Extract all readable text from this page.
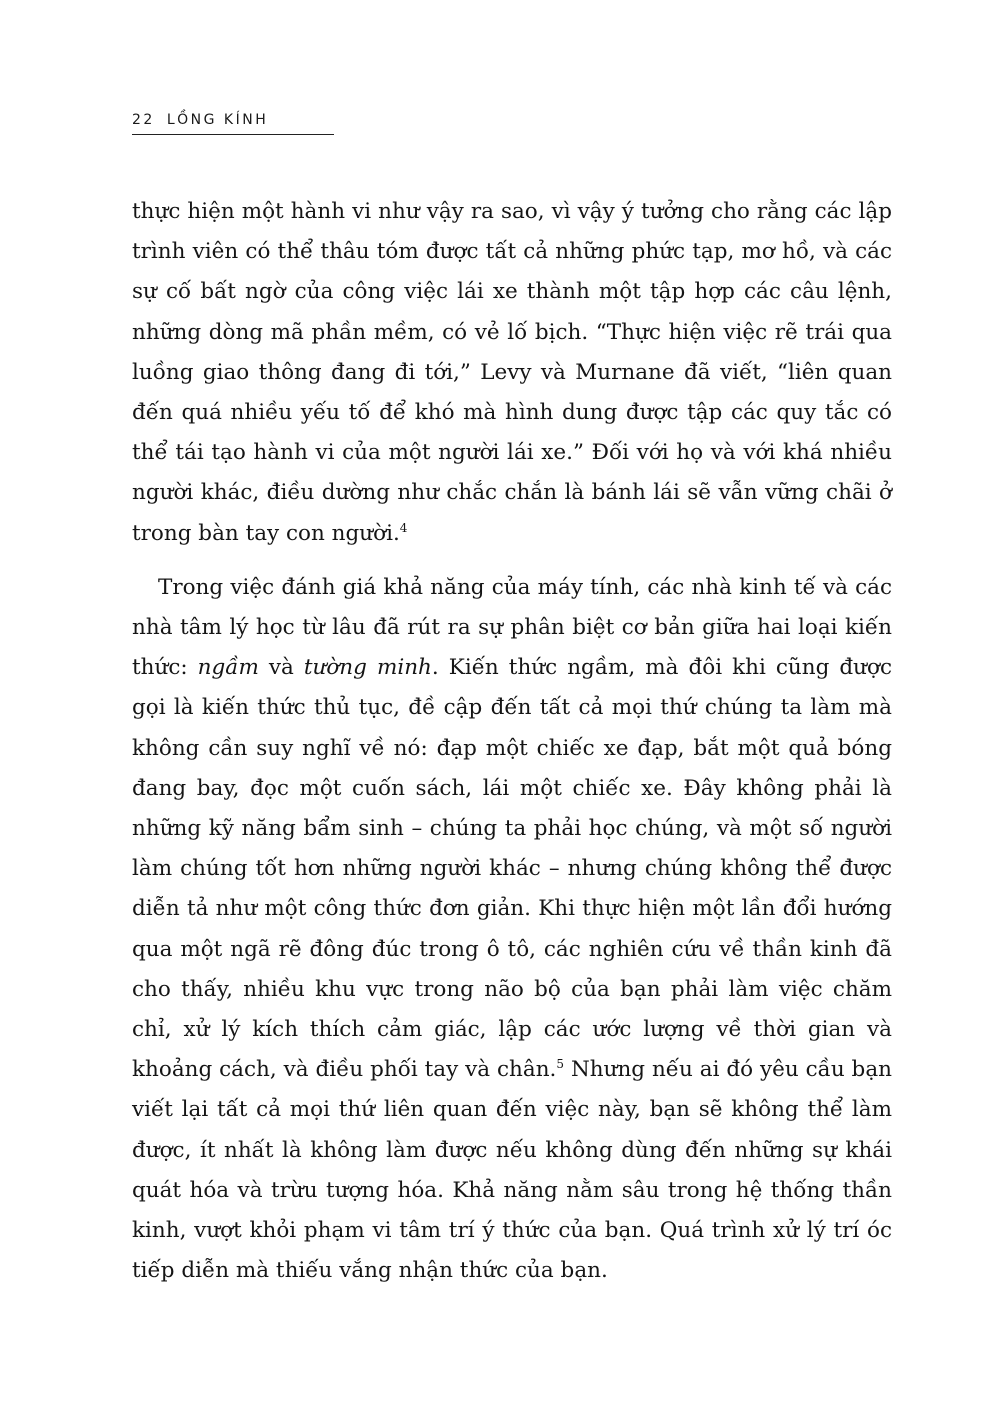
22 LỒNG KÍNH

thực hiện một hành vi như vậy ra sao, vì vậy ý tưởng cho rằng các lập trình viên có thể thâu tóm được tất cả những phức tạp, mơ hồ, và các sự cố bất ngờ của công việc lái xe thành một tập hợp các câu lệnh, những dòng mã phần mềm, có vẻ lố bịch. “Thực hiện việc rẽ trái qua luồng giao thông đang đi tới,” Levy và Murnane đã viết, “liên quan đến quá nhiều yếu tố để khó mà hình dung được tập các quy tắc có thể tái tạo hành vi của một người lái xe.” Đối với họ và với khá nhiều người khác, điều dường như chắc chắn là bánh lái sẽ vẫn vững chãi ở trong bàn tay con người.$^4$

Trong việc đánh giá khả năng của máy tính, các nhà kinh tế và các nhà tâm lý học từ lâu đã rút ra sự phân biệt cơ bản giữa hai loại kiến thức: ngầm và tường minh. Kiến thức ngầm, mà đôi khi cũng được gọi là kiến thức thủ tục, đề cập đến tất cả mọi thứ chúng ta làm mà không cần suy nghĩ về nó: đạp một chiếc xe đạp, bắt một quả bóng đang bay, đọc một cuốn sách, lái một chiếc xe. Đây không phải là những kỹ năng bẩm sinh – chúng ta phải học chúng, và một số người làm chúng tốt hơn những người khác – nhưng chúng không thể được diễn tả như một công thức đơn giản. Khi thực hiện một lần đổi hướng qua một ngã rẽ đông đúc trong ô tô, các nghiên cứu về thần kinh đã cho thấy, nhiều khu vực trong não bộ của bạn phải làm việc chăm chỉ, xử lý kích thích cảm giác, lập các ước lượng về thời gian và khoảng cách, và điều phối tay và chân.$^5$ Nhưng nếu ai đó yêu cầu bạn viết lại tất cả mọi thứ liên quan đến việc này, bạn sẽ không thể làm được, ít nhất là không làm được nếu không dùng đến những sự khái quát hóa và trừu tượng hóa. Khả năng nằm sâu trong hệ thống thần kinh, vượt khỏi phạm vi tâm trí ý thức của bạn. Quá trình xử lý trí óc tiếp diễn mà thiếu vắng nhận thức của bạn.
